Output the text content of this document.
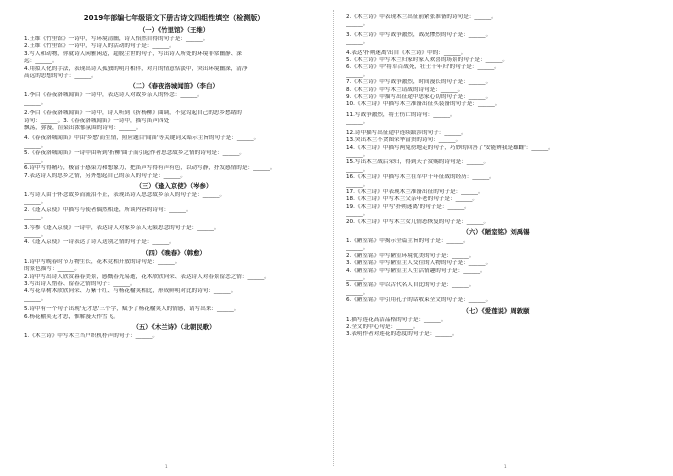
2019年部编七年级语文下册古诗文四组性填空（检测版）
（一）《竹里馆》（王维）
1.王维《竹里馆》一诗中，写环境清幽，诗人怡然自得的句子是：______。
2.王维《竹里馆》一诗中，写诗人的活动的句子是：______。
3.写人和动物，你就诗人闲雅闲适，超脱尘世的句子，写出诗人所处的环境非常幽静、深
远：______。
4.用拟人化的手法，表现出诗人孤独的明月相伴，对月的情意恬淡中，突出环境幽深，清净
高远的思想的句子：______。
（二）《春夜洛城闻笛》（李白）
1.李白《春夜洛城闻笛》一诗中，表达诗人对故乡亲人的怀念：______。
______。
2.李白《春夜洛城闻笛》一诗中，诗人听到《折杨柳》曲调，不觉勾起自己的思乡愁绪的
诗句：______。3.《春夜洛城闻笛》一诗中，描写笛声四处
飘荡，弥漫，渲染出浓郁氛围的诗句：______。
4.《春夜洛城闻笛》中由'乡愁'而生情，照应题目'闻笛'等关键词又暗示主旨的句子是：______。
______。
5.《春夜洛城闻笛》一诗中由听到'折柳'曲子而引起作者思念故乡之情的诗句是：______。
______。
6.诗中写得精巧，极富于感染力和想象力，把笛声写得有声有色，以动写静，抒发感情的是：______。
7.表达诗人的思乡之情，另外想起自己的亲人的句子是：______。
（三）《逢入京使》（岑参）
1.写诗人由于怀念故乡而流泪不止，表现出诗人思念故乡亲人的句子是：______。
______。
2.《逢入京使》中描写与使者偶然相逢，所谈内容的诗句：______。
______。
3.岑参《逢入京使》一诗中，表达诗人对家乡亲人无限思念的句子是：______。
______。
4.《逢入京使》一诗表达了诗人送别之情的句子是：______。
（四）《晚春》（韩愈）
1.诗中写晚春时节万物生长，花木竞相开放的诗句是：______。
的景色描写：______。
2.诗中写出诗人欣赏暮春美景，感慨春光易逝，花木欣欣向荣、表达诗人对春景留恋之情：______。
3.写出诗人惜春、留春之情的句子：______。
4.写花草树木欣欣向荣、万紫千红、与杨花榆荚相比，形成鲜明对比的诗句：______。
______。
5.诗中有一个句子出现'无才思'三个字，赋予了杨花榆荚人的情感，请写出来：______。
6.杨花榆荚无才思，惟解漫天作雪飞。
（五）《木兰诗》（北朝民歌）
1.《木兰诗》中写木兰当户织机杼声的句子：______。
2.《木兰诗》中表现木兰出征前紧张准备的诗句是：______。
______。
3.《木兰诗》中写战争激烈，战况惨烈的句子是：______。
______。
4.表达'扑朔迷离'出自《木兰诗》中的：______。
5.《木兰诗》中写木兰归家时家人欢喜的场景的句子是：______。
6.《木兰诗》中'将军百战死，壮士十年归'的句子是：______。
______。
7.《木兰诗》中写战争激烈，时间漫长的句子是：______。
8.《木兰诗》中写木兰请战的诗句是：______。
9.《木兰诗》中描写出征途中思家心切的句子是：______。
10.《木兰诗》中描写木兰准备出征买装备的句子是：______。
11.写战争激烈，将士伤亡的诗句：______。
______。
12.诗中描写出征途中连续跋涉的句子：______。
13.突出木兰不贪图荣华富贵的诗句：______。
14.《木兰诗》中描写两兔傍地走的句子，巧妙的回答了'安能辨我是雄雌'：______。
______。
15.写出木兰战后荣归，得到天子赏赐的诗句是：______。
______。
16.《木兰诗》中描写木兰在军中十年征战的经历：______。
______。
17.《木兰诗》中表现木兰准备出征的句子是：______。
18.《木兰诗》中写木兰父亲年老的句子是：______。
19.《木兰诗》中写'扑朔迷离'的句子是：______。
______。
20.《木兰诗》中写木兰女儿情态恢复的句子是：______。
（六）《陋室铭》刘禹锡
1.《陋室铭》中揭示全篇主旨的句子是：______。
______。
2.《陋室铭》中写陋室环境优美的句子是：______。
3.《陋室铭》中写陋室主人交往的人物的句子是：______。
4.《陋室铭》中写陋室主人生活情趣的句子是：______。
______。
5.《陋室铭》中以古代名人自比的句子是：______。
______。
6.《陋室铭》中引用孔子的话收束全文的句子是：______。
（七）《爱莲说》周敦颐
1.描写莲花高洁品格的句子是：______。
2.全文的中心句是：______。
3.表明作者对莲花的态度的句子是：______。
1	1
